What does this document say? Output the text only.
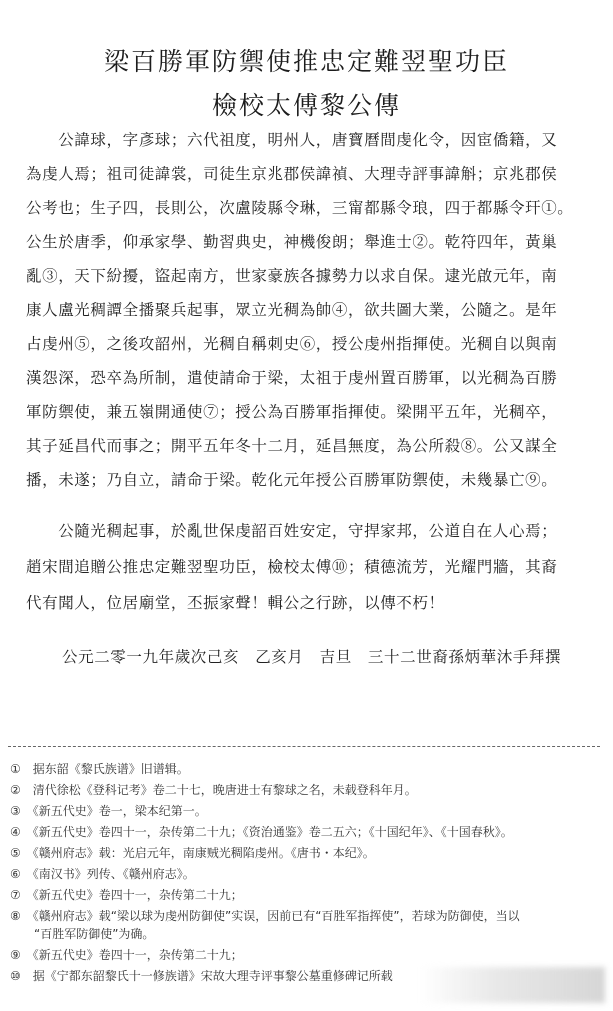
梁百勝軍防禦使推忠定難翌聖功臣
檢校太傅黎公傳
　　公諱球，字彥球；六代祖度，明州人，唐寶曆間虔化令，因宦僑籍，又
為虔人焉；祖司徒諱裳，司徒生京兆郡侯諱禎、大理寺評事諱斛；京兆郡侯
公考也；生子四，長則公，次盧陵縣令琳，三甯都縣令琅，四于都縣令玕①。
公生於唐季，仰承家學、勤習典史，神機俊朗；舉進士②。乾符四年，黃巢
亂③，天下紛擾，盜起南方，世家豪族各據勢力以求自保。逮光啟元年，南
康人盧光稠譚全播聚兵起事，眾立光稠為帥④，欲共圖大業，公隨之。是年
占虔州⑤，之後攻韶州，光稠自稱刺史⑥，授公虔州指揮使。光稠自以與南
漢怨深，恐卒為所制，遣使請命于梁，太祖于虔州置百勝軍，以光稠為百勝
軍防禦使，兼五嶺開通使⑦；授公為百勝軍指揮使。梁開平五年，光稠卒，
其子延昌代而事之；開平五年冬十二月，延昌無度，為公所殺⑧。公又謀全
播，未遂；乃自立，請命于梁。乾化元年授公百勝軍防禦使，未幾暴亡⑨。
　　公隨光稠起事，於亂世保虔韶百姓安定，守捍家邦，公道自在人心焉；
趙宋間追贈公推忠定難翌聖功臣，檢校太傅⑩；積德流芳，光耀門牆，其裔
代有聞人，位居廟堂，丕振家聲！輯公之行跡，以傳不朽！
公元二零一九年歲次己亥　乙亥月　吉旦　三十二世裔孫炳華沐手拜撰
①　据东韶《黎氏族谱》旧谱辑。
②　清代徐松《登科记考》卷二十七，晚唐进士有黎球之名，未载登科年月。
③　《新五代史》卷一，梁本纪第一。
④　《新五代史》卷四十一，杂传第二十九；《资治通鉴》卷二五六；《十国纪年》、《十国春秋》。
⑤　《赣州府志》载：光启元年，南康贼光稠陷虔州。《唐书・本纪》。
⑥　《南汉书》列传、《赣州府志》。
⑦　《新五代史》卷四十一，杂传第二十九；
⑧　《赣州府志》载“梁以球为虔州防御使”实误，因前已有“百胜军指挥使”，若球为防御使，当以
　　“百胜军防御使”为确。
⑨　《新五代史》卷四十一，杂传第二十九；
⑩　据《宁都东韶黎氏十一修族谱》宋故大理寺评事黎公墓重修碑记所载
